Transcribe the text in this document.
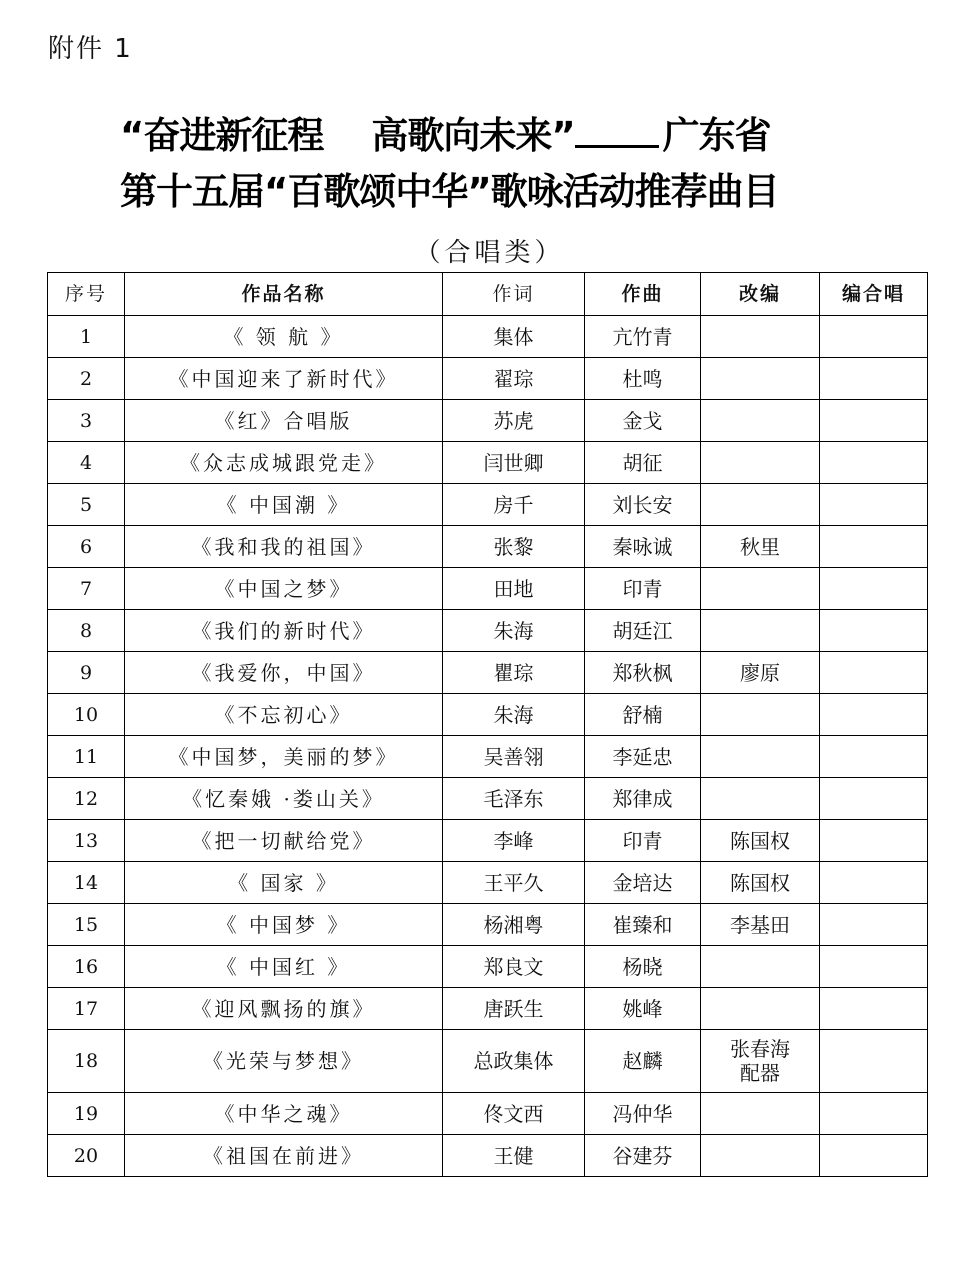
附件 1
“奋进新征程 高歌向未来” 广东省
第十五届“百歌颂中华”歌咏活动推荐曲目
（合唱类）
序号	作品名称	作词	作曲	改编	编合唱
1	《 领 航 》	集体	亢竹青		
2	《中国迎来了新时代》	翟琮	杜鸣		
3	《红》合唱版	苏虎	金戈		
4	《众志成城跟党走》	闫世卿	胡征		
5	《 中国潮 》	房千	刘长安		
6	《我和我的祖国》	张黎	秦咏诚	秋里	
7	《中国之梦》	田地	印青		
8	《我们的新时代》	朱海	胡廷江		
9	《我爱你，中国》	瞿琮	郑秋枫	廖原	
10	《不忘初心》	朱海	舒楠		
11	《中国梦，美丽的梦》	吴善翎	李延忠		
12	《忆秦娥 ·娄山关》	毛泽东	郑律成		
13	《把一切献给党》	李峰	印青	陈国权	
14	《 国家 》	王平久	金培达	陈国权	
15	《 中国梦 》	杨湘粤	崔臻和	李基田	
16	《 中国红 》	郑良文	杨晓		
17	《迎风飘扬的旗》	唐跃生	姚峰		
18	《光荣与梦想》	总政集体	赵麟	张春海
配器	

19	《中华之魂》	佟文西	冯仲华		
20	《祖国在前进》	王健	谷建芬		
